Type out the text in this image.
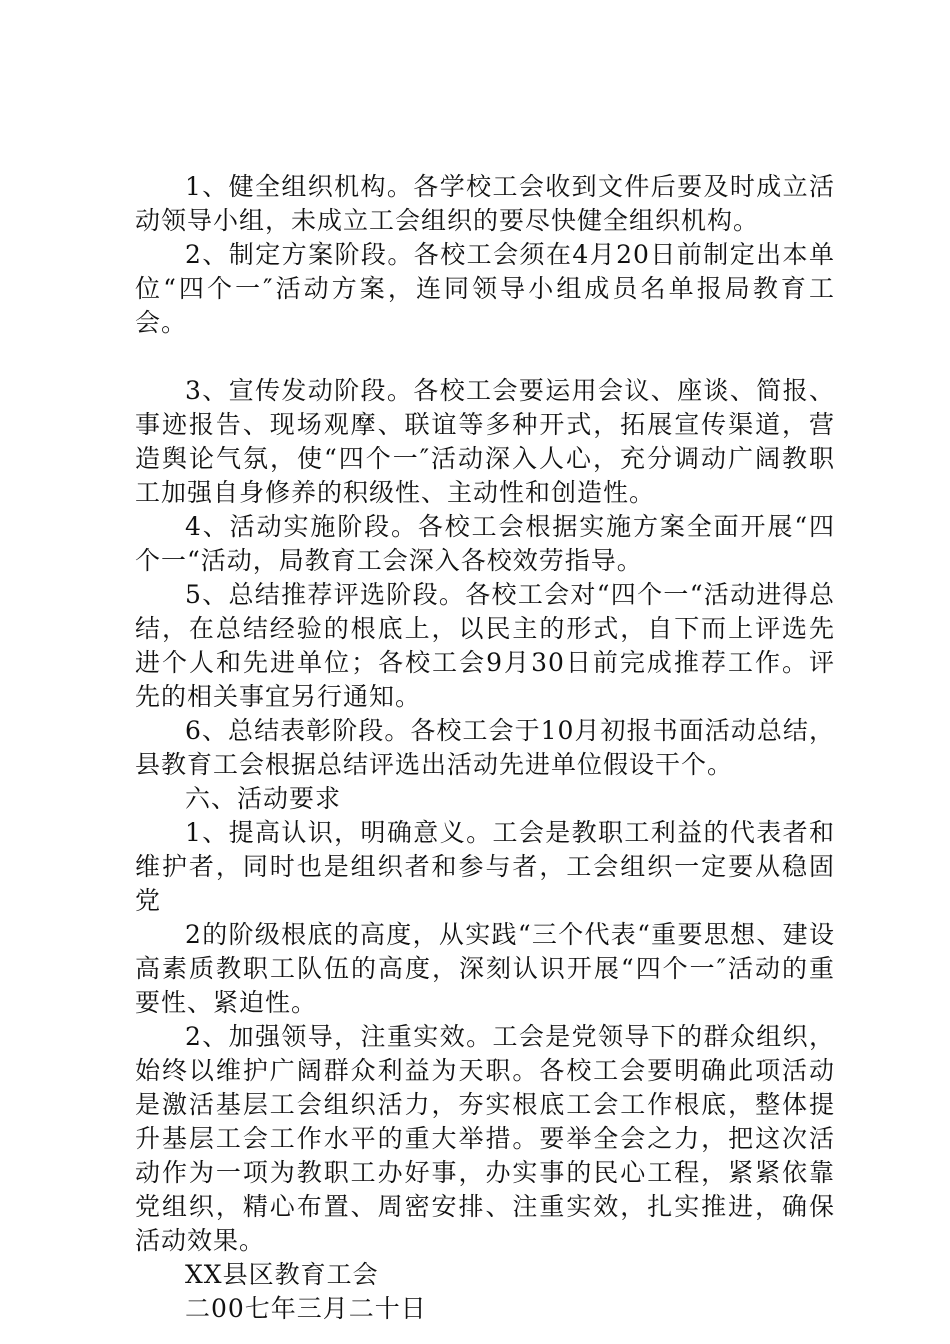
1、健全组织机构。各学校工会收到文件后要及时成立活动领导小组，未成立工会组织的要尽快健全组织机构。

2、制定方案阶段。各校工会须在4月20日前制定出本单位“四个一″活动方案，连同领导小组成员名单报局教育工会。

3、宣传发动阶段。各校工会要运用会议、座谈、简报、事迹报告、现场观摩、联谊等多种开式，拓展宣传渠道，营造舆论气氛，使“四个一″活动深入人心，充分调动广阔教职工加强自身修养的积级性、主动性和创造性。

4、活动实施阶段。各校工会根据实施方案全面开展“四个一“活动，局教育工会深入各校效劳指导。

5、总结推荐评选阶段。各校工会对“四个一“活动进得总结，在总结经验的根底上，以民主的形式，自下而上评选先进个人和先进单位；各校工会9月30日前完成推荐工作。评先的相关事宜另行通知。

6、总结表彰阶段。各校工会于10月初报书面活动总结，县教育工会根据总结评选出活动先进单位假设干个。

六、活动要求

1、提高认识，明确意义。工会是教职工利益的代表者和维护者，同时也是组织者和参与者，工会组织一定要从稳固党

2的阶级根底的高度，从实践“三个代表“重要思想、建设高素质教职工队伍的高度，深刻认识开展“四个一″活动的重要性、紧迫性。

2、加强领导，注重实效。工会是党领导下的群众组织，始终以维护广阔群众利益为天职。各校工会要明确此项活动是激活基层工会组织活力，夯实根底工会工作根底，整体提升基层工会工作水平的重大举措。要举全会之力，把这次活动作为一项为教职工办好事，办实事的民心工程，紧紧依靠党组织，精心布置、周密安排、注重实效，扎实推进，确保活动效果。

XX县区教育工会

二00七年三月二十日
